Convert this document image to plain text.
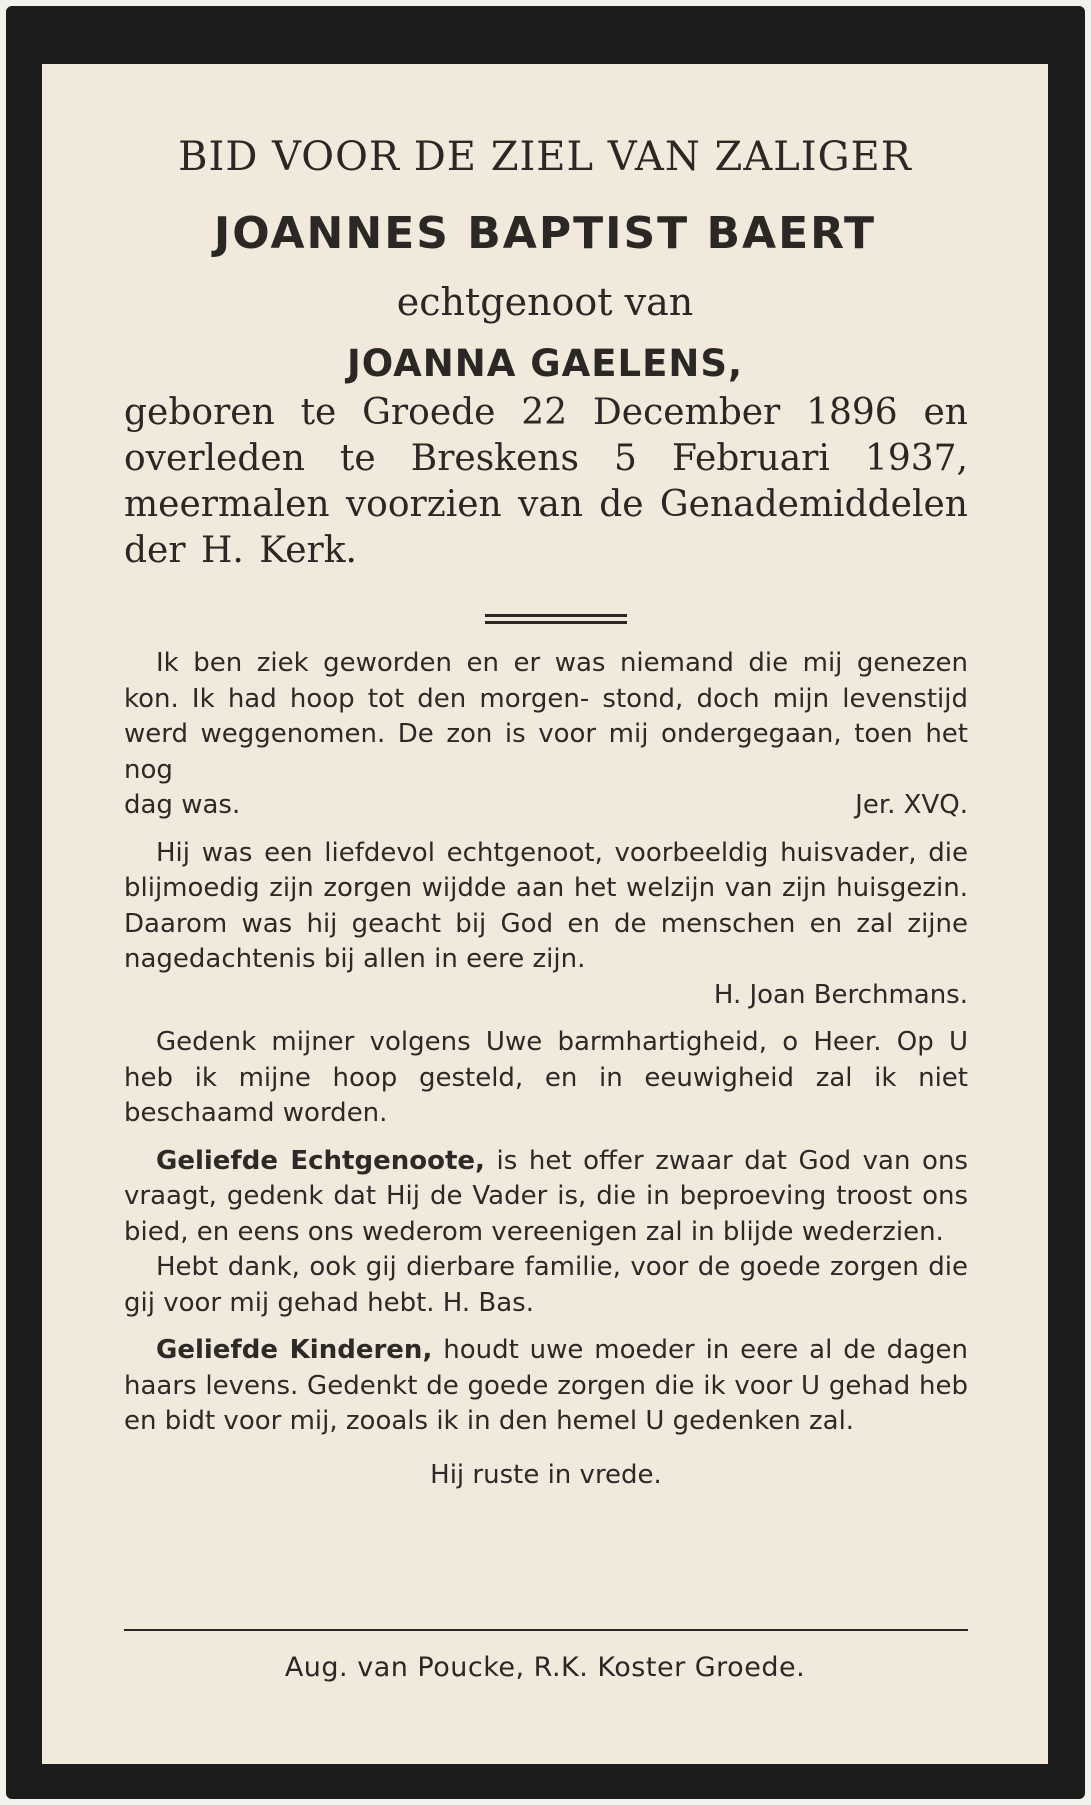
BID VOOR DE ZIEL VAN ZALIGER
JOANNES BAPTIST BAERT
echtgenoot van
JOANNA GAELENS,

geboren te Groede 22 December 1896 en overleden te Breskens 5 Februari 1937, meermalen voorzien van de Genademiddelen der H. Kerk.

Ik ben ziek geworden en er was niemand die mij genezen kon. Ik had hoop tot den morgen- stond, doch mijn levenstijd werd weggenomen. De zon is voor mij ondergegaan, toen het nog

dag was.	Jer. XVQ.

Hij was een liefdevol echtgenoot, voorbeeldig huisvader, die blijmoedig zijn zorgen wijdde aan het welzijn van zijn huisgezin. Daarom was hij geacht bij God en de menschen en zal zijne nagedachtenis bij allen in eere zijn.

H. Joan Berchmans.

Gedenk mijner volgens Uwe barmhartigheid, o Heer. Op U heb ik mijne hoop gesteld, en in eeuwigheid zal ik niet beschaamd worden.

Geliefde Echtgenoote, is het offer zwaar dat God van ons vraagt, gedenk dat Hij de Vader is, die in beproeving troost ons bied, en eens ons wederom vereenigen zal in blijde wederzien.

Hebt dank, ook gij dierbare familie, voor de goede zorgen die gij voor mij gehad hebt. H. Bas.

Geliefde Kinderen, houdt uwe moeder in eere al de dagen haars levens. Gedenkt de goede zorgen die ik voor U gehad heb en bidt voor mij, zooals ik in den hemel U gedenken zal.

Hij ruste in vrede.

Aug. van Poucke, R.K. Koster Groede.
